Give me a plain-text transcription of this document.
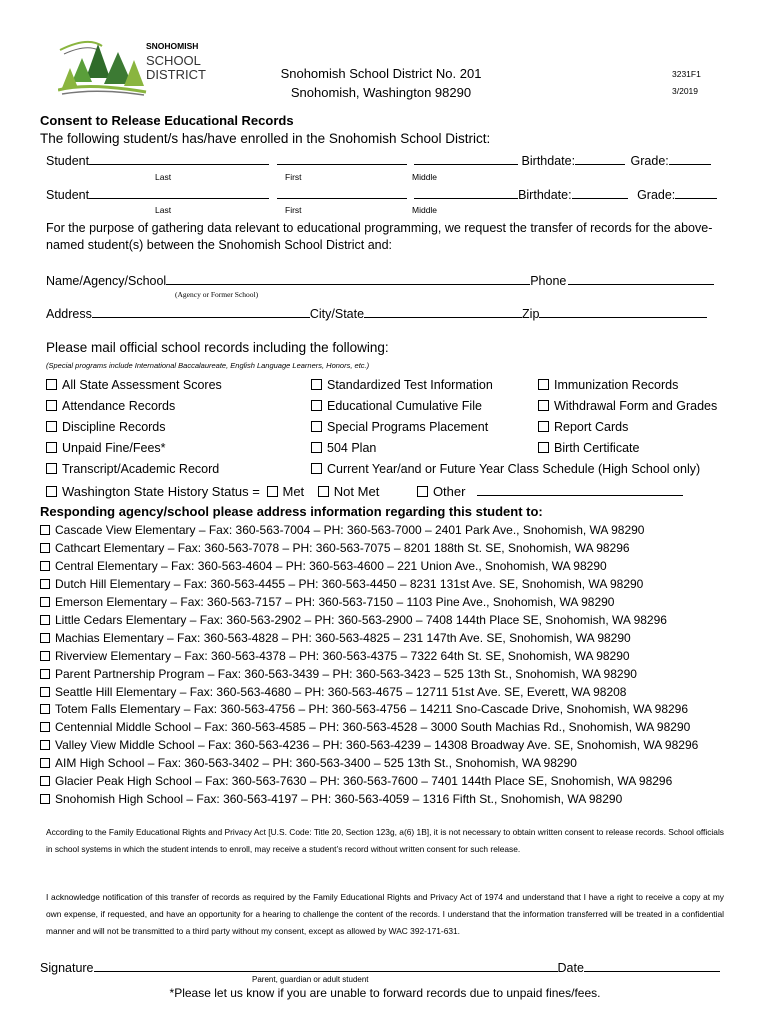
SNOHOMISH
SCHOOL
DISTRICT	Snohomish School District No. 201
Snohomish, Washington 98290
3231F1
3/2019
Consent to Release Educational Records
The following student/s has/have enrolled in the Snohomish School District:
Student	Birthdate:	Grade:
Last	First	Middle
Student	Birthdate:	Grade:
Last	First	Middle
For the purpose of gathering data relevant to educational programming, we request the transfer of records for the above-named student(s) between the Snohomish School District and:
Name/Agency/School	Phone
(Agency or Former School)
Address	City/State	Zip
Please mail official school records including the following:
(Special programs include International Baccalaureate, English Language Learners, Honors, etc.)
All State Assessment Scores
Attendance Records
Discipline Records
Unpaid Fine/Fees*
Transcript/Academic Record
Standardized Test Information
Educational Cumulative File
Special Programs Placement
504 Plan
Current Year/and or Future Year Class Schedule (High School only)
Immunization Records
Withdrawal Form and Grades
Report Cards
Birth Certificate
Washington State History Status = Met Not Met	Other
Responding agency/school please address information regarding this student to:
Cascade View Elementary – Fax: 360-563-7004 – PH: 360-563-7000 – 2401 Park Ave., Snohomish, WA 98290
Cathcart Elementary – Fax: 360-563-7078 – PH: 360-563-7075 – 8201 188th St. SE, Snohomish, WA 98296
Central Elementary – Fax: 360-563-4604 – PH: 360-563-4600 – 221 Union Ave., Snohomish, WA 98290
Dutch Hill Elementary – Fax: 360-563-4455 – PH: 360-563-4450 – 8231 131st Ave. SE, Snohomish, WA 98290
Emerson Elementary – Fax: 360-563-7157 – PH: 360-563-7150 – 1103 Pine Ave., Snohomish, WA 98290
Little Cedars Elementary – Fax: 360-563-2902 – PH: 360-563-2900 – 7408 144th Place SE, Snohomish, WA 98296
Machias Elementary – Fax: 360-563-4828 – PH: 360-563-4825 – 231 147th Ave. SE, Snohomish, WA 98290
Riverview Elementary – Fax: 360-563-4378 – PH: 360-563-4375 – 7322 64th St. SE, Snohomish, WA 98290
Parent Partnership Program – Fax: 360-563-3439 – PH: 360-563-3423 – 525 13th St., Snohomish, WA 98290
Seattle Hill Elementary – Fax: 360-563-4680 – PH: 360-563-4675 – 12711 51st Ave. SE, Everett, WA 98208
Totem Falls Elementary – Fax: 360-563-4756 – PH: 360-563-4756 – 14211 Sno-Cascade Drive, Snohomish, WA 98296
Centennial Middle School – Fax: 360-563-4585 – PH: 360-563-4528 – 3000 South Machias Rd., Snohomish, WA 98290
Valley View Middle School – Fax: 360-563-4236 – PH: 360-563-4239 – 14308 Broadway Ave. SE, Snohomish, WA 98296
AIM High School – Fax: 360-563-3402 – PH: 360-563-3400 – 525 13th St., Snohomish, WA 98290
Glacier Peak High School – Fax: 360-563-7630 – PH: 360-563-7600 – 7401 144th Place SE, Snohomish, WA 98296
Snohomish High School – Fax: 360-563-4197 – PH: 360-563-4059 – 1316 Fifth St., Snohomish, WA 98290
According to the Family Educational Rights and Privacy Act [U.S. Code: Title 20, Section 123g, a(6) 1B], it is not necessary to obtain written consent to release records. School officials in school systems in which the student intends to enroll, may receive a student’s record without written consent for such release.
I acknowledge notification of this transfer of records as required by the Family Educational Rights and Privacy Act of 1974 and understand that I have a right to receive a copy at my own expense, if requested, and have an opportunity for a hearing to challenge the content of the records. I understand that the information transferred will be treated in a confidential manner and will not be transmitted to a third party without my consent, except as allowed by WAC 392-171-631.
Signature	Date
Parent, guardian or adult student
*Please let us know if you are unable to forward records due to unpaid fines/fees.
